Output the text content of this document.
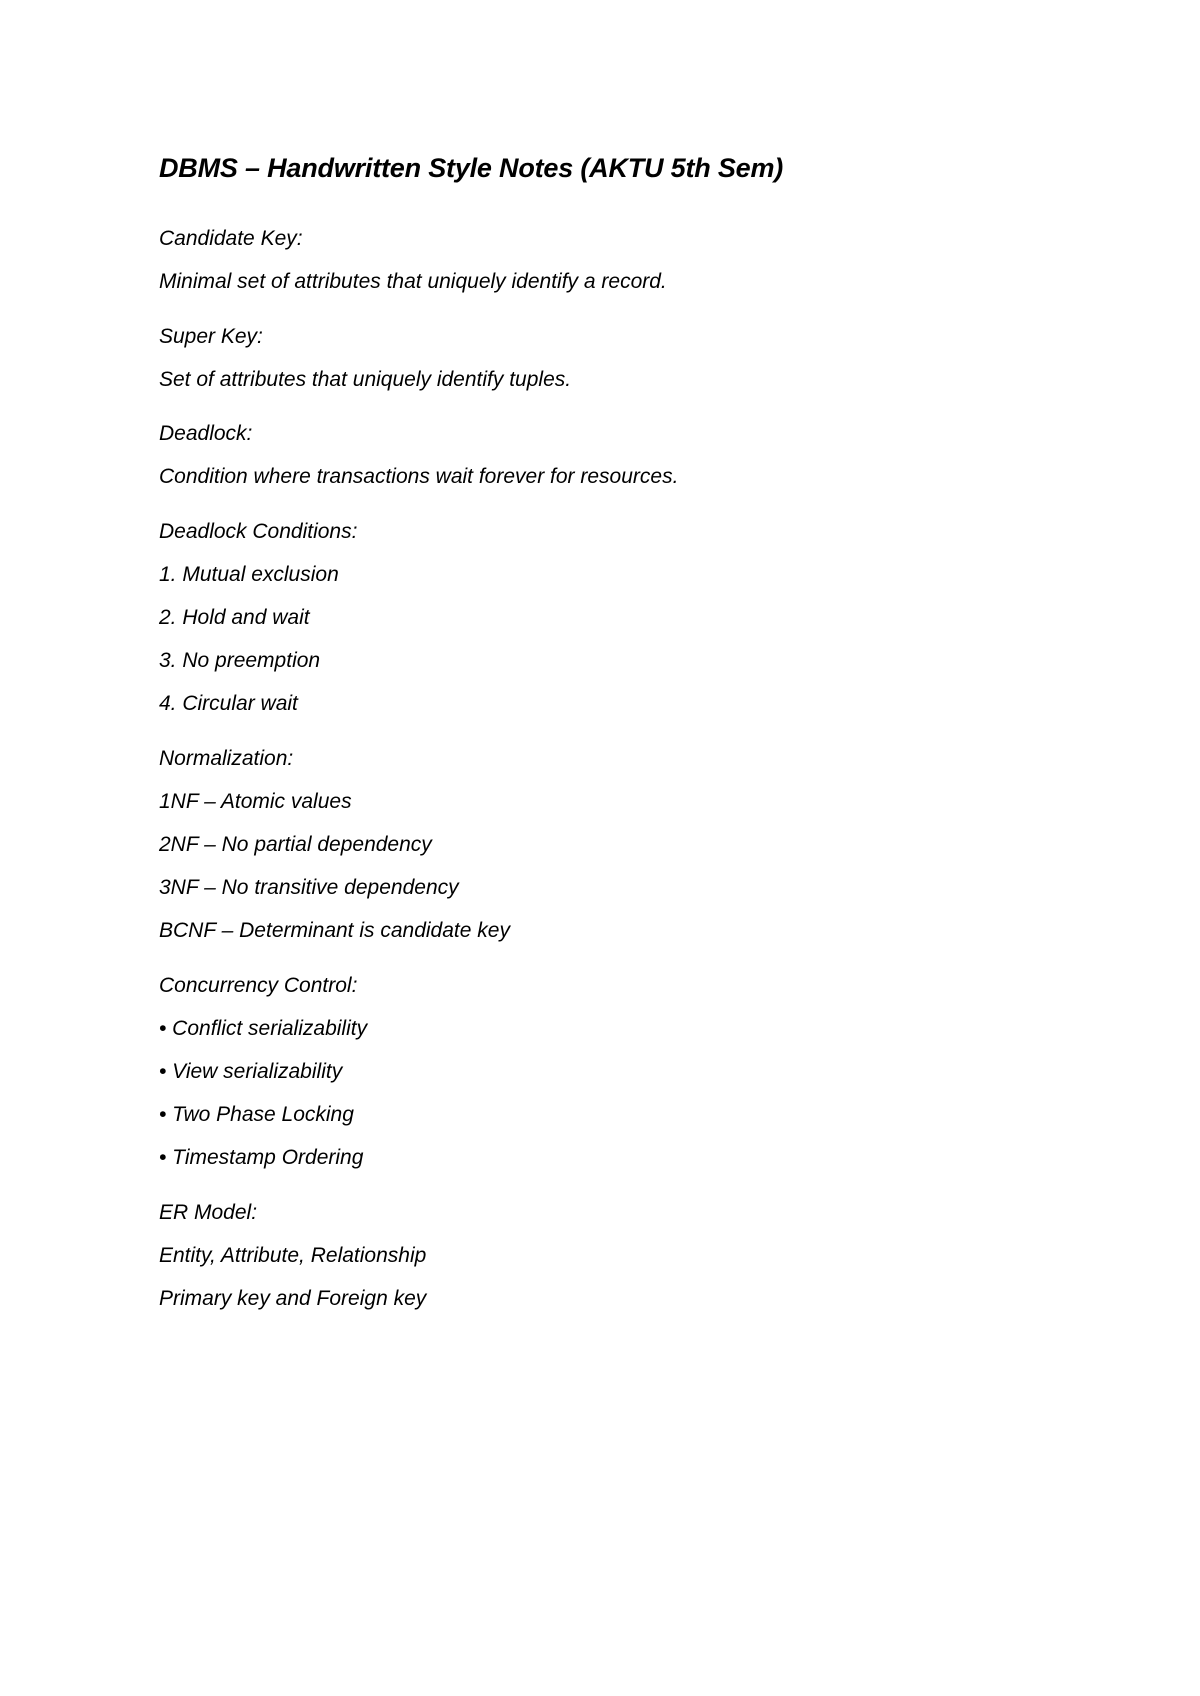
DBMS – Handwritten Style Notes (AKTU 5th Sem)

Candidate Key:

Minimal set of attributes that uniquely identify a record.

Super Key:

Set of attributes that uniquely identify tuples.

Deadlock:

Condition where transactions wait forever for resources.

Deadlock Conditions:

1. Mutual exclusion

2. Hold and wait

3. No preemption

4. Circular wait

Normalization:

1NF – Atomic values

2NF – No partial dependency

3NF – No transitive dependency

BCNF – Determinant is candidate key

Concurrency Control:

• Conflict serializability

• View serializability

• Two Phase Locking

• Timestamp Ordering

ER Model:

Entity, Attribute, Relationship

Primary key and Foreign key
